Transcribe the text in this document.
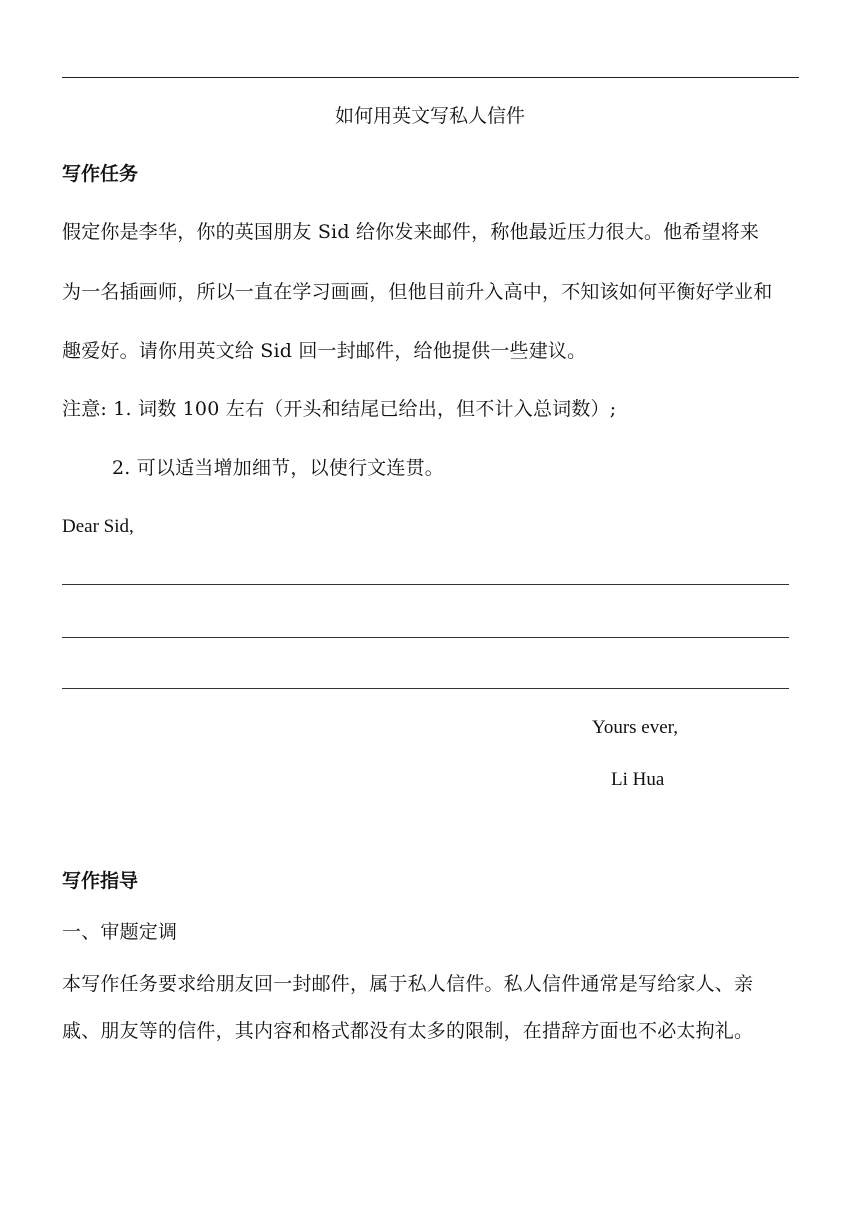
如何用英文写私人信件
写作任务
假定你是李华，你的英国朋友 Sid 给你发来邮件，称他最近压力很大。他希望将来
为一名插画师，所以一直在学习画画，但他目前升入高中，不知该如何平衡好学业和
趣爱好。请你用英文给 Sid 回一封邮件，给他提供一些建议。
注意: 1. 词数 100 左右（开头和结尾已给出，但不计入总词数）;
2. 可以适当增加细节，以使行文连贯。
Dear Sid,
Yours ever,
Li Hua
写作指导
一、审题定调
本写作任务要求给朋友回一封邮件，属于私人信件。私人信件通常是写给家人、亲
戚、朋友等的信件，其内容和格式都没有太多的限制，在措辞方面也不必太拘礼。
